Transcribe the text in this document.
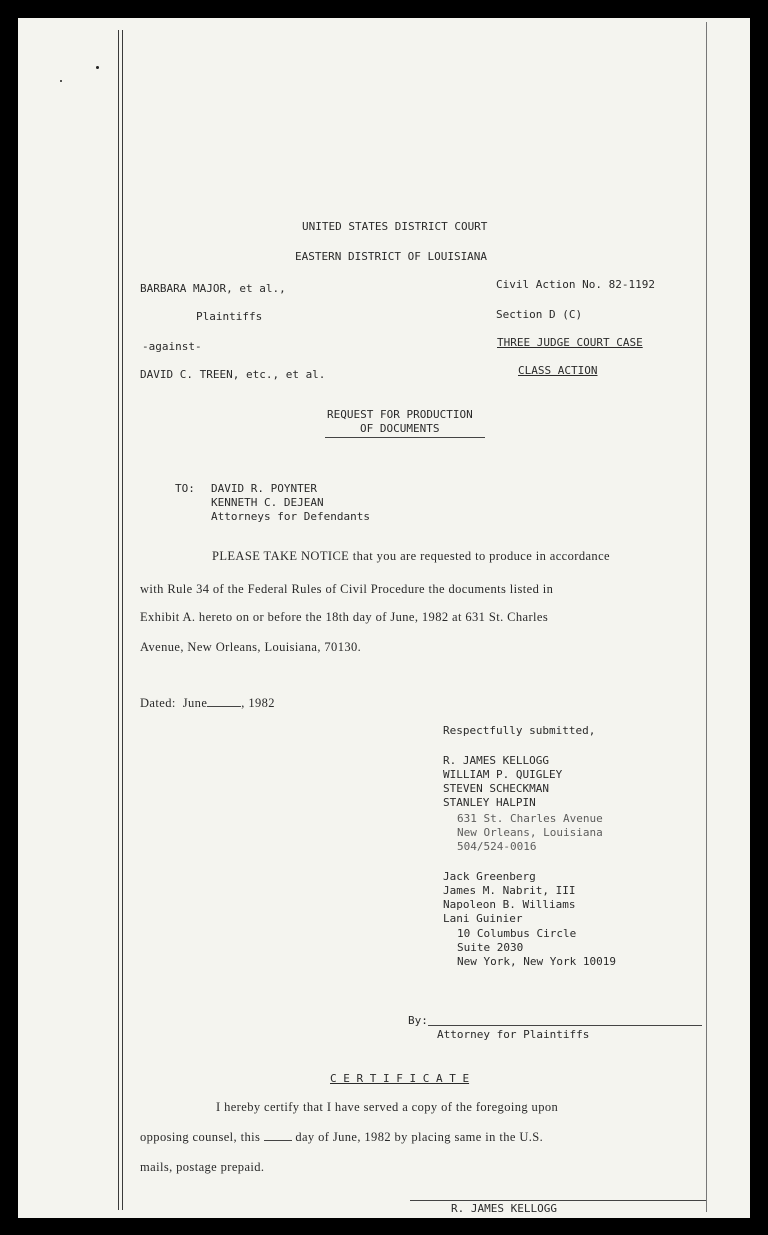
UNITED STATES DISTRICT COURT
EASTERN DISTRICT OF LOUISIANA
BARBARA MAJOR, et al.,
Plaintiffs
-against-
DAVID C. TREEN, etc., et al.
Civil Action No. 82-1192
Section D (C)
THREE JUDGE COURT CASE
CLASS ACTION
REQUEST FOR PRODUCTION
OF DOCUMENTS
TO: DAVID R. POYNTER
KENNETH C. DEJEAN
Attorneys for Defendants
PLEASE TAKE NOTICE that you are requested to produce in accordance
with Rule 34 of the Federal Rules of Civil Procedure the documents listed in
Exhibit A. hereto on or before the 18th day of June, 1982 at 631 St. Charles
Avenue, New Orleans, Louisiana, 70130.
Dated:  June	, 1982
Respectfully submitted,
R. JAMES KELLOGG
WILLIAM P. QUIGLEY
STEVEN SCHECKMAN
STANLEY HALPIN
631 St. Charles Avenue
New Orleans, Louisiana
504/524-0016
Jack Greenberg
James M. Nabrit, III
Napoleon B. Williams
Lani Guinier
10 Columbus Circle
Suite 2030
New York, New York 10019
By:
Attorney for Plaintiffs
C E R T I F I C A T E
I hereby certify that I have served a copy of the foregoing upon
opposing counsel, this	day of June, 1982 by placing same in the U.S.
mails, postage prepaid.
R. JAMES KELLOGG
